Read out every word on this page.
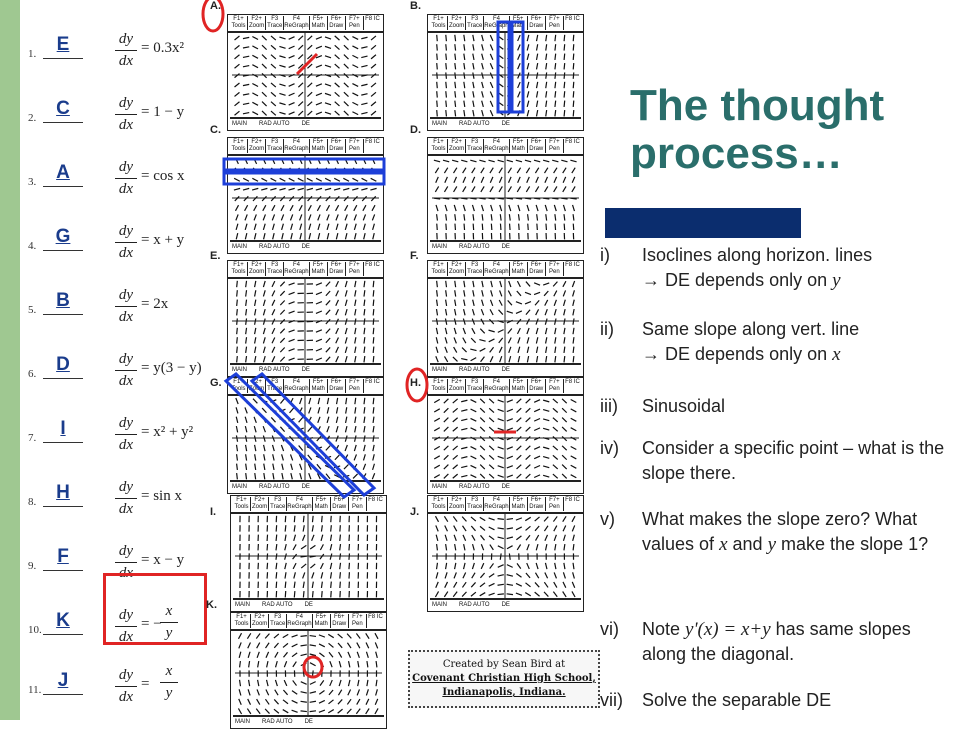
1.	E	dy
dx
= 0.3x²
2.	C	dy
dx
= 1 − y
3.	A	dy
dx
= cos x
4. G	dy
dx
= x + y
5.	B	dy
dx
= 2x
6.	D	dy
dx
= y(3 − y)
7.	I	dy
dx
= x² + y²
8.	H	dy
dx
= sin x
9.	F	dy
dx
= x − y
10. K	dy
dx
= −
x
y
11. J	dy
dx
=
x
y
A.
F1+ Tools
F2+ Zoom
F3 Trace
F4 ReGraph
F5+ Math
F6+ Draw
F7+ Pen
F8 IC
MAIN RAD AUTO DE
B.
F1+ Tools
F2+ Zoom
F3 Trace
F4 ReGraph
F5+ Math
F6+ Draw
F7+ Pen
F8 IC
MAIN RAD AUTO DE
C.
F1+ Tools
F2+ Zoom
F3 Trace
F4 ReGraph
F5+ Math
F6+ Draw
F7+ Pen
F8 IC
MAIN RAD AUTO DE
D.
F1+ Tools
F2+ Zoom
F3 Trace
F4 ReGraph
F5+ Math
F6+ Draw
F7+ Pen
F8 IC
MAIN RAD AUTO DE
E.
F1+ Tools
F2+ Zoom
F3 Trace
F4 ReGraph
F5+ Math
F6+ Draw
F7+ Pen
F8 IC
MAIN RAD AUTO DE
F.
F1+ Tools
F2+ Zoom
F3 Trace
F4 ReGraph
F5+ Math
F6+ Draw
F7+ Pen
F8 IC
MAIN RAD AUTO DE
G.	F1+ Tools
F2+ Zoom
F3 Trace
F4 ReGraph
F5+ Math
F6+ Draw
F7+ Pen
F8 IC
MAIN RAD AUTO DE
H.	F1+ Tools
F2+ Zoom
F3 Trace
F4 ReGraph
F5+ Math
F6+ Draw
F7+ Pen
F8 IC
MAIN RAD AUTO DE
I.
F1+ Tools
F2+ Zoom
F3 Trace
F4 ReGraph
F5+ Math
F6+ Draw
F7+ Pen
F8 IC
MAIN RAD AUTO DE
J.
F1+ Tools
F2+ Zoom
F3 Trace
F4 ReGraph
F5+ Math
F6+ Draw
F7+ Pen
F8 IC
MAIN RAD AUTO DE
K.
F1+ Tools
F2+ Zoom
F3 Trace
F4 ReGraph
F5+ Math
F6+ Draw
F7+ Pen
F8 IC
MAIN RAD AUTO DE
The thought process…
i) Isoclines along horizon. lines
→ DE depends only on y
ii) Same slope along vert. line
→ DE depends only on x
iii) Sinusoidal
iv) Consider a specific point – what is the slope there.
v) What makes the slope zero? What values of x and y make the slope 1?
vi) Note y'(x) = x+y has same slopes along the diagonal.
vii) Solve the separable DE
Created by Sean Bird at
Covenant Christian High School,
Indianapolis, Indiana.
